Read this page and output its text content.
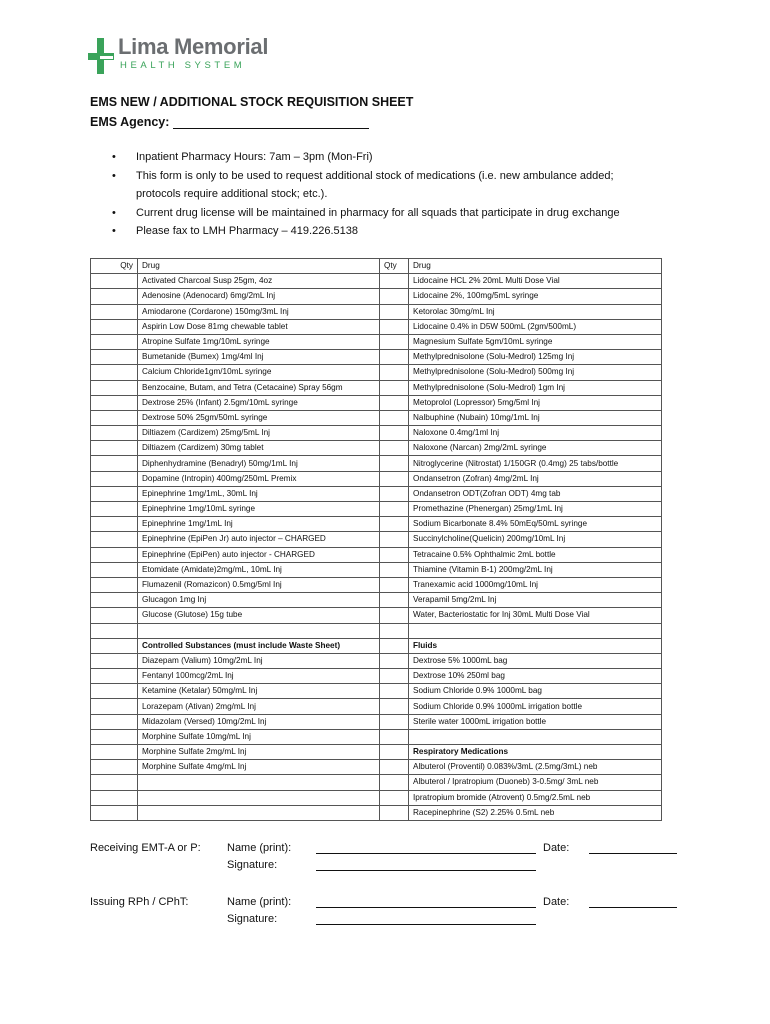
Lima Memorial
HEALTH SYSTEM
EMS NEW / ADDITIONAL STOCK REQUISITION SHEET
EMS Agency:
• Inpatient Pharmacy Hours: 7am – 3pm (Mon-Fri)
• This form is only to be used to request additional stock of medications (i.e. new ambulance added;
protocols require additional stock; etc.).
• Current drug license will be maintained in pharmacy for all squads that participate in drug exchange
• Please fax to LMH Pharmacy – 419.226.5138
Qty	Drug	Qty	Drug
	Activated Charcoal Susp 25gm, 4oz		Lidocaine HCL 2% 20mL Multi Dose Vial
	Adenosine (Adenocard) 6mg/2mL Inj		Lidocaine 2%, 100mg/5mL syringe
	Amiodarone (Cordarone) 150mg/3mL Inj		Ketorolac 30mg/mL Inj
	Aspirin Low Dose 81mg chewable tablet		Lidocaine 0.4% in D5W 500mL (2gm/500mL)
	Atropine Sulfate 1mg/10mL syringe		Magnesium Sulfate 5gm/10mL syringe
	Bumetanide (Bumex) 1mg/4ml Inj		Methylprednisolone (Solu-Medrol) 125mg Inj
	Calcium Chloride1gm/10mL syringe		Methylprednisolone (Solu-Medrol) 500mg Inj
	Benzocaine, Butam, and Tetra (Cetacaine) Spray 56gm		Methylprednisolone (Solu-Medrol) 1gm Inj
	Dextrose 25% (Infant) 2.5gm/10mL syringe		Metoprolol (Lopressor) 5mg/5ml Inj
	Dextrose 50% 25gm/50mL syringe		Nalbuphine (Nubain) 10mg/1mL Inj
	Diltiazem (Cardizem) 25mg/5mL Inj		Naloxone 0.4mg/1ml Inj
	Diltiazem (Cardizem) 30mg tablet		Naloxone (Narcan) 2mg/2mL syringe
	Diphenhydramine (Benadryl) 50mg/1mL Inj		Nitroglycerine (Nitrostat) 1/150GR (0.4mg) 25 tabs/bottle
	Dopamine (Intropin) 400mg/250mL Premix		Ondansetron (Zofran) 4mg/2mL Inj
	Epinephrine 1mg/1mL, 30mL Inj		Ondansetron ODT(Zofran ODT) 4mg tab
	Epinephrine 1mg/10mL syringe		Promethazine (Phenergan) 25mg/1mL Inj
	Epinephrine 1mg/1mL Inj		Sodium Bicarbonate 8.4% 50mEq/50mL syringe
	Epinephrine (EpiPen Jr) auto injector – CHARGED		Succinylcholine(Quelicin) 200mg/10mL Inj
	Epinephrine (EpiPen) auto injector - CHARGED		Tetracaine 0.5% Ophthalmic 2mL bottle
	Etomidate (Amidate)2mg/mL, 10mL Inj		Thiamine (Vitamin B-1) 200mg/2mL Inj
	Flumazenil (Romazicon) 0.5mg/5ml Inj		Tranexamic acid 1000mg/10mL Inj
	Glucagon 1mg Inj		Verapamil 5mg/2mL Inj
	Glucose (Glutose) 15g tube		Water, Bacteriostatic for Inj 30mL Multi Dose Vial

	Controlled Substances (must include Waste Sheet)		Fluids
	Diazepam (Valium) 10mg/2mL Inj		Dextrose 5% 1000mL bag
	Fentanyl 100mcg/2mL Inj		Dextrose 10% 250ml bag
	Ketamine (Ketalar) 50mg/mL Inj		Sodium Chloride 0.9% 1000mL bag
	Lorazepam (Ativan) 2mg/mL Inj		Sodium Chloride 0.9% 1000mL irrigation bottle
	Midazolam (Versed) 10mg/2mL Inj		Sterile water 1000mL irrigation bottle
	Morphine Sulfate 10mg/mL Inj		
	Morphine Sulfate 2mg/mL Inj		Respiratory Medications
	Morphine Sulfate 4mg/mL Inj		Albuterol (Proventil) 0.083%/3mL (2.5mg/3mL) neb
			Albuterol / Ipratropium (Duoneb) 3-0.5mg/ 3mL neb
			Ipratropium bromide (Atrovent) 0.5mg/2.5mL neb
			Racepinephrine (S2) 2.25% 0.5mL neb
Receiving EMT-A or P: Name (print):
Signature:
Date:
Issuing RPh / CPhT:	Name (print):
Signature:
Date:
